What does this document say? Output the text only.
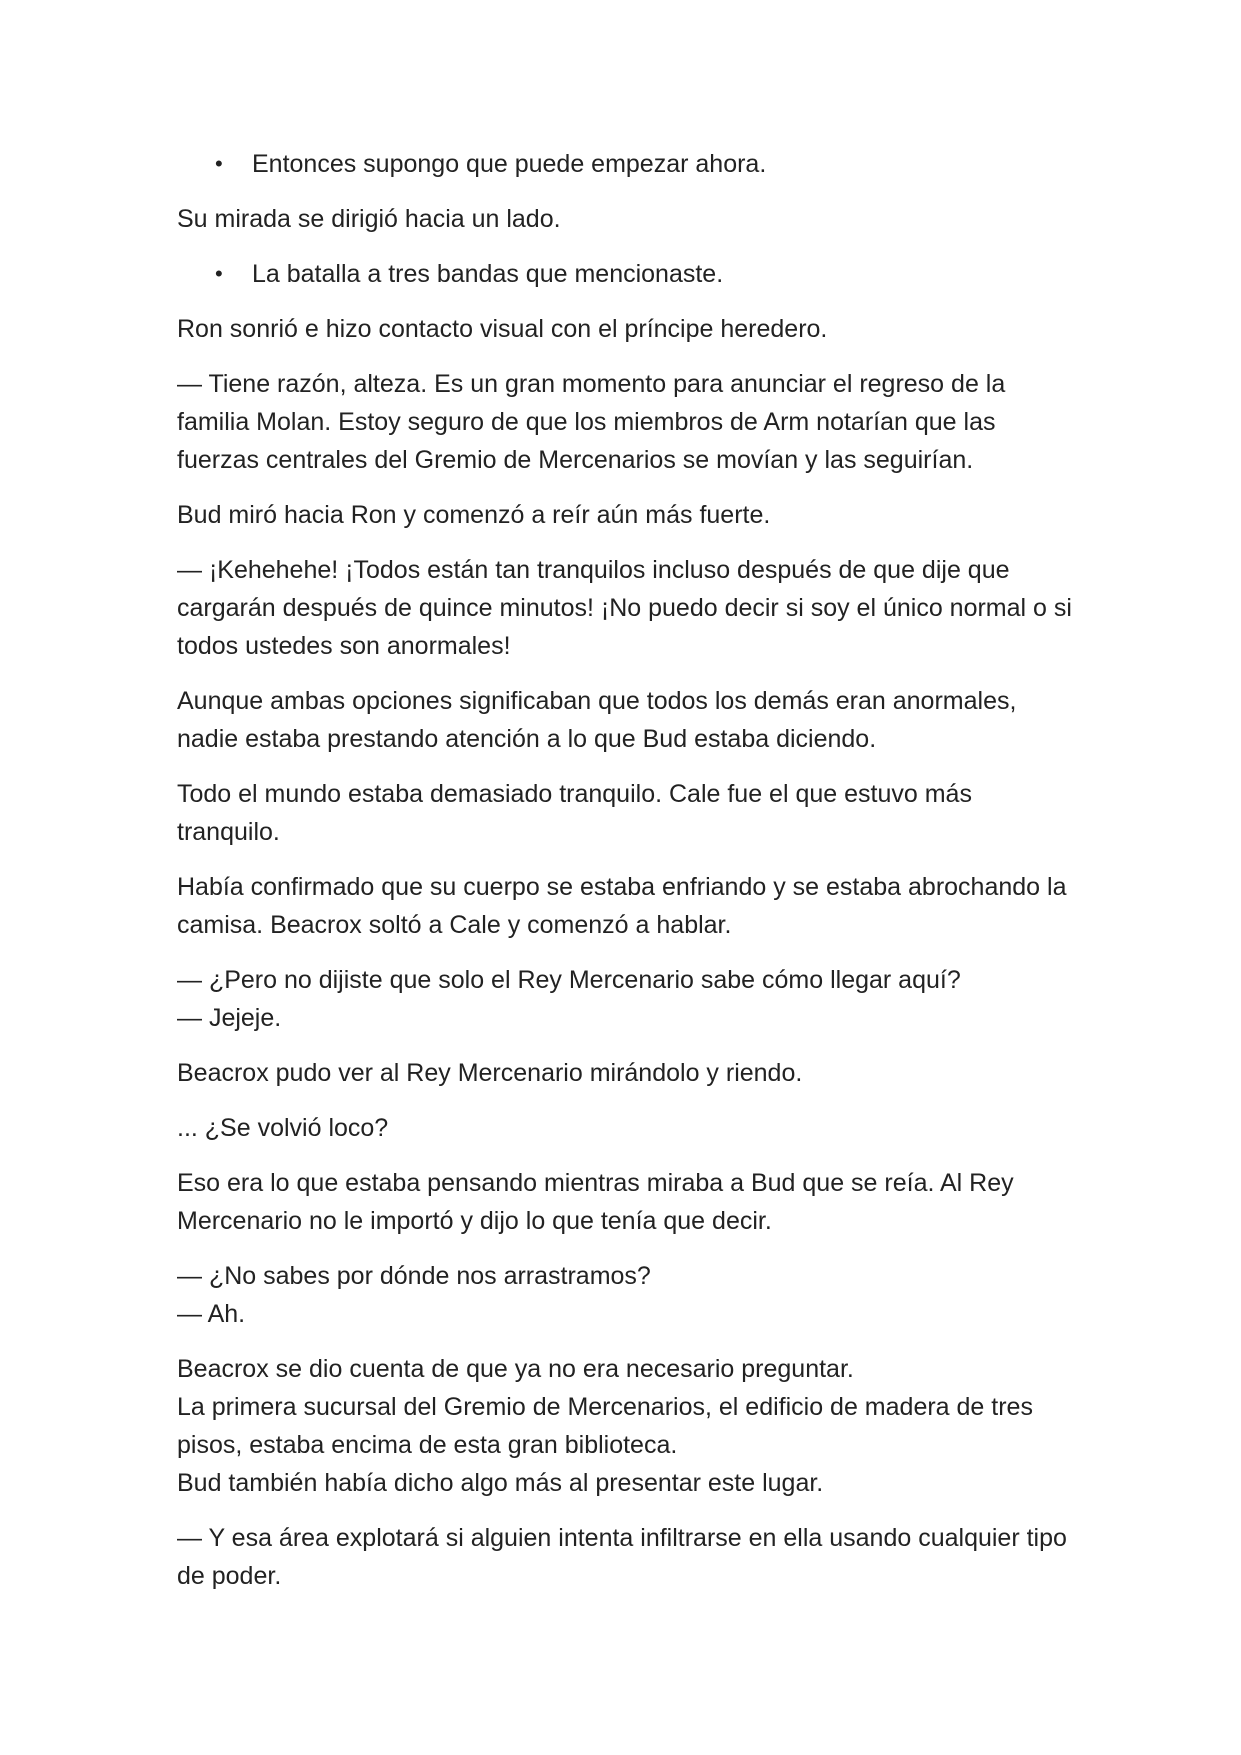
•	Entonces supongo que puede empezar ahora.
Su mirada se dirigió hacia un lado.
•	La batalla a tres bandas que mencionaste.
Ron sonrió e hizo contacto visual con el príncipe heredero.
— Tiene razón, alteza. Es un gran momento para anunciar el regreso de la familia Molan. Estoy seguro de que los miembros de Arm notarían que las fuerzas centrales del Gremio de Mercenarios se movían y las seguirían.
Bud miró hacia Ron y comenzó a reír aún más fuerte.
— ¡Kehehehe! ¡Todos están tan tranquilos incluso después de que dije que cargarán después de quince minutos! ¡No puedo decir si soy el único normal o si todos ustedes son anormales!
Aunque ambas opciones significaban que todos los demás eran anormales, nadie estaba prestando atención a lo que Bud estaba diciendo.
Todo el mundo estaba demasiado tranquilo. Cale fue el que estuvo más tranquilo.
Había confirmado que su cuerpo se estaba enfriando y se estaba abrochando la camisa. Beacrox soltó a Cale y comenzó a hablar.
— ¿Pero no dijiste que solo el Rey Mercenario sabe cómo llegar aquí?
— Jejeje.
Beacrox pudo ver al Rey Mercenario mirándolo y riendo.
... ¿Se volvió loco?
Eso era lo que estaba pensando mientras miraba a Bud que se reía. Al Rey Mercenario no le importó y dijo lo que tenía que decir.
— ¿No sabes por dónde nos arrastramos?
— Ah.
Beacrox se dio cuenta de que ya no era necesario preguntar.
La primera sucursal del Gremio de Mercenarios, el edificio de madera de tres pisos, estaba encima de esta gran biblioteca.
Bud también había dicho algo más al presentar este lugar.
— Y esa área explotará si alguien intenta infiltrarse en ella usando cualquier tipo de poder.
